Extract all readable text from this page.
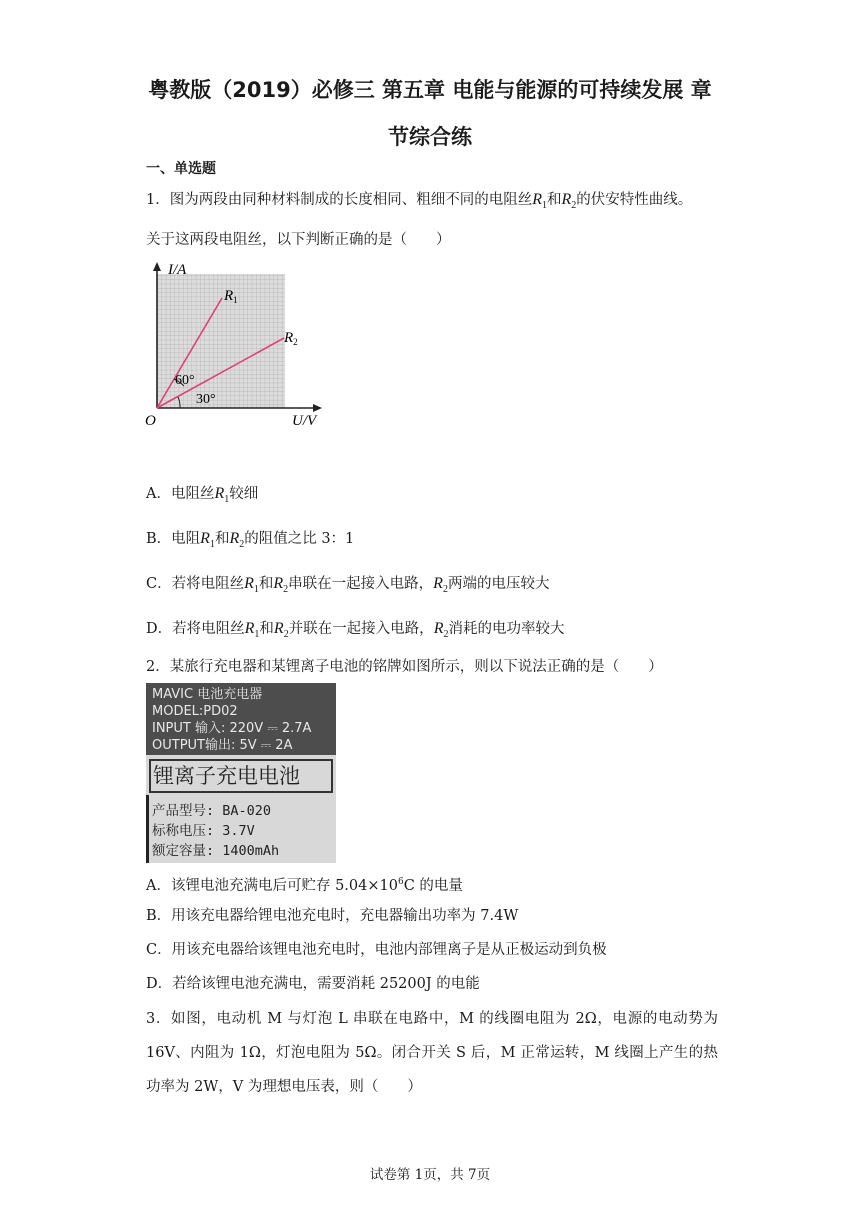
粤教版（2019）必修三 第五章 电能与能源的可持续发展 章
节综合练
一、单选题
1．图为两段由同种材料制成的长度相同、粗细不同的电阻丝$R_1$和$R_2$的伏安特性曲线。
关于这两段电阻丝，以下判断正确的是（　　）
I/A
$R_1$
$R_2$
60°
30°
O	U/V
A．电阻丝$R_1$较细
B．电阻$R_1$和$R_2$的阻值之比 3：1
C．若将电阻丝$R_1$和$R_2$串联在一起接入电路，$R_2$两端的电压较大
D．若将电阻丝$R_1$和$R_2$并联在一起接入电路，$R_2$消耗的电功率较大
2．某旅行充电器和某锂离子电池的铭牌如图所示，则以下说法正确的是（　　）
MAVIC 电池充电器
MODEL:PD02
INPUT 输入: 220V ⎓ 2.7A
OUTPUT输出: 5V ⎓ 2A
锂离子充电电池
产品型号: BA-020
标称电压: 3.7V
额定容量: 1400mAh
A．该锂电池充满电后可贮存 $5.04\times 10^6C$ 的电量
B．用该充电器给锂电池充电时，充电器输出功率为 7.4W
C．用该充电器给该锂电池充电时，电池内部锂离子是从正极运动到负极
D．若给该锂电池充满电，需要消耗 25200J 的电能
3．如图，电动机 M 与灯泡 L 串联在电路中，M 的线圈电阻为 2Ω，电源的电动势为 16V、内阻为 1Ω，灯泡电阻为 5Ω。闭合开关 S 后，M 正常运转，M 线圈上产生的热功率为 2W，V 为理想电压表，则（　　）
试卷第 1页，共 7页
